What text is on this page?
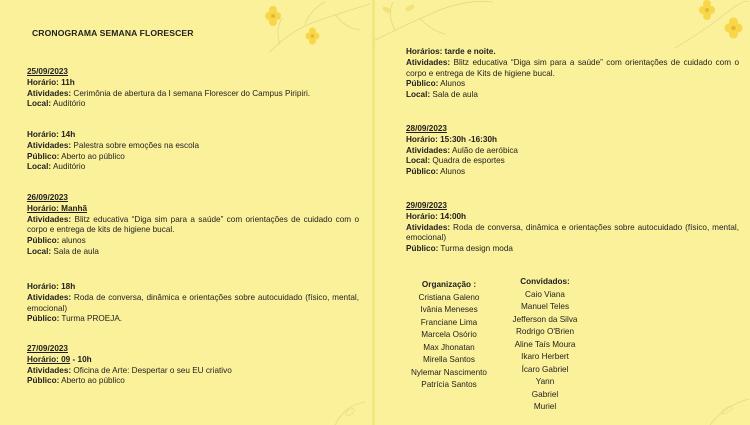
CRONOGRAMA SEMANA FLORESCER
25/09/2023
Horário: 11h
Atividades: Cerimônia de abertura da I semana Florescer do Campus Piripiri.
Local: Auditório
Horário: 14h
Atividades: Palestra sobre emoções na escola
Público: Aberto ao público
Local: Auditório
26/09/2023
Horário: Manhã
Atividades: Blitz educativa “Diga sim para a saúde” com orientações de cuidado com o corpo e entrega de kits de higiene bucal.
Público: alunos
Local: Sala de aula
Horário: 18h
Atividades: Roda de conversa, dinâmica e orientações sobre autocuidado (físico, mental, emocional)
Público: Turma PROEJA.
27/09/2023
Horário: 09 - 10h
Atividades: Oficina de Arte: Despertar o seu EU criativo
Público: Aberto ao público
Horários: tarde e noite.
Atividades: Blitz educativa “Diga sim para a saúde” com orientações de cuidado com o corpo e entrega de Kits de higiene bucal.
Público: Alunos
Local: Sala de aula
28/09/2023
Horário: 15:30h -16:30h
Atividades: Aulão de aeróbica
Local: Quadra de esportes
Público: Alunos
29/09/2023
Horário: 14:00h
Atividades: Roda de conversa, dinâmica e orientações sobre autocuidado (físico, mental, emocional)
Público: Turma design moda
Organização :
Cristiana Galeno
Ivânia Meneses
Franciane Lima
Marcela Osório
Max Jhonatan
Mirella Santos
Nylemar Nascimento
Patrícia Santos
Convidados:
Caio Viana
Manuel Teles
Jefferson da Silva
Rodrigo O'Brien
Aline Taís Moura
Ikaro Herbert
Ícaro Gabriel
Yann
Gabriel
Muriel
